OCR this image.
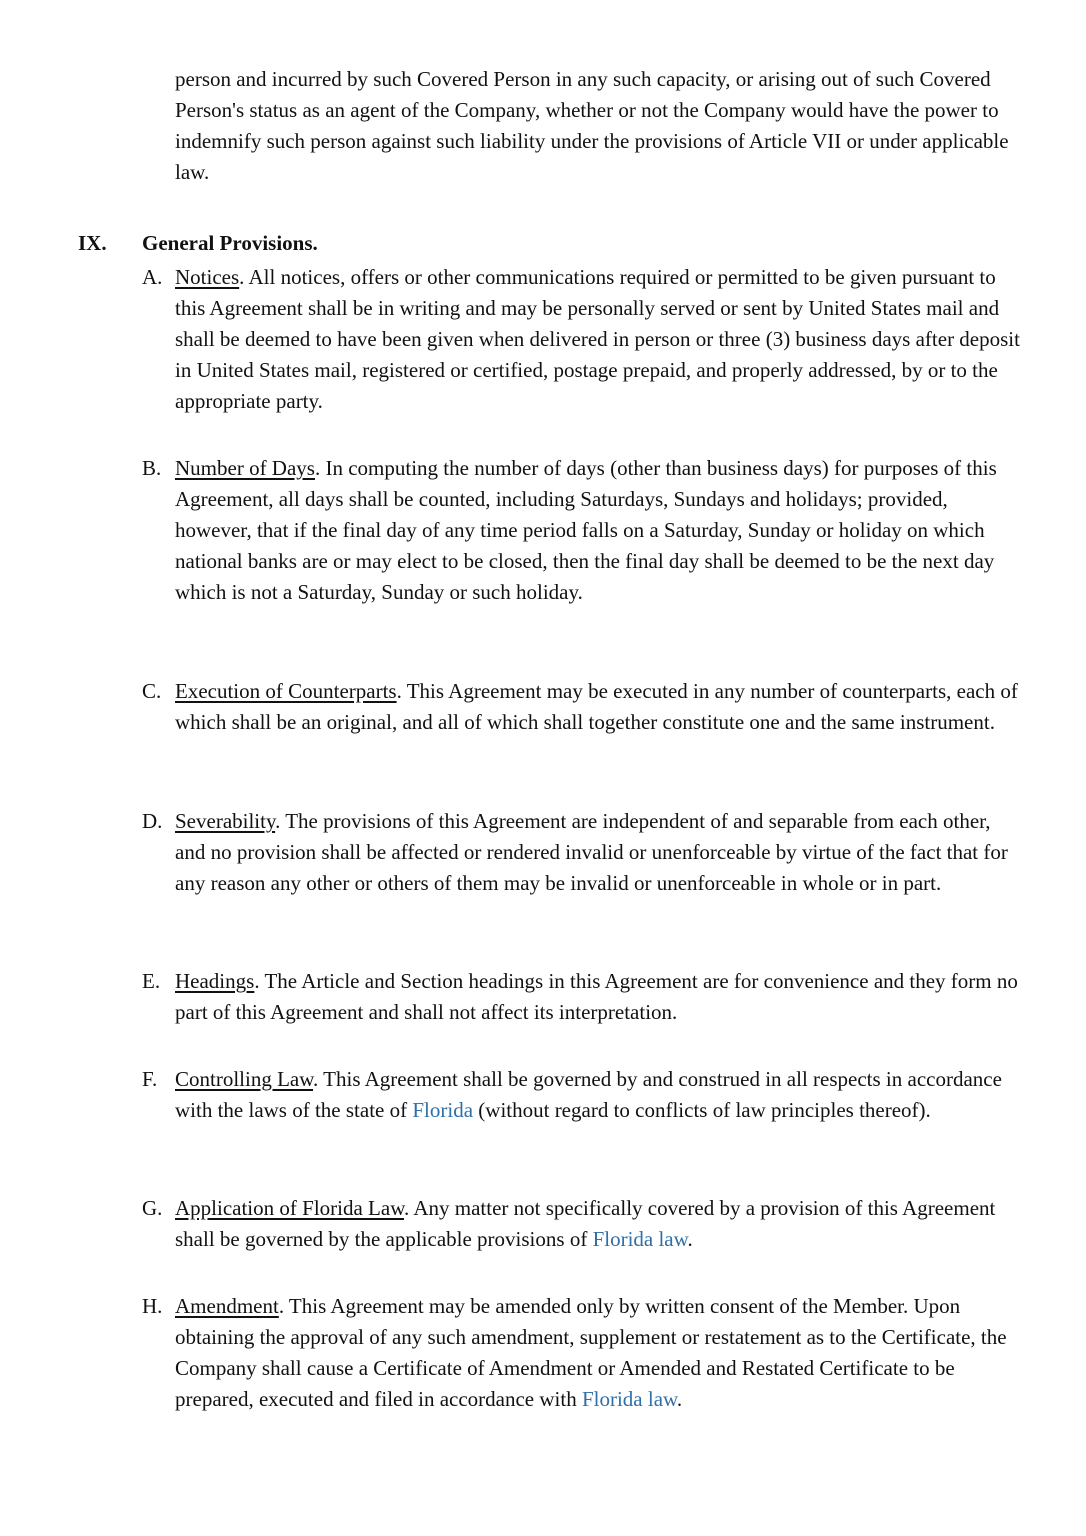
person and incurred by such Covered Person in any such capacity, or arising out of such Covered Person's status as an agent of the Company, whether or not the Company would have the power to indemnify such person against such liability under the provisions of Article VII or under applicable law.

IX. General Provisions.
A. Notices. All notices, offers or other communications required or permitted to be given pursuant to this Agreement shall be in writing and may be personally served or sent by United States mail and shall be deemed to have been given when delivered in person or three (3) business days after deposit in United States mail, registered or certified, postage prepaid, and properly addressed, by or to the appropriate party.

B. Number of Days. In computing the number of days (other than business days) for purposes of this Agreement, all days shall be counted, including Saturdays, Sundays and holidays; provided, however, that if the final day of any time period falls on a Saturday, Sunday or holiday on which national banks are or may elect to be closed, then the final day shall be deemed to be the next day which is not a Saturday, Sunday or such holiday.

C. Execution of Counterparts. This Agreement may be executed in any number of counterparts, each of which shall be an original, and all of which shall together constitute one and the same instrument.

D. Severability. The provisions of this Agreement are independent of and separable from each other, and no provision shall be affected or rendered invalid or unenforceable by virtue of the fact that for any reason any other or others of them may be invalid or unenforceable in whole or in part.

E. Headings. The Article and Section headings in this Agreement are for convenience and they form no part of this Agreement and shall not affect its interpretation.

F. Controlling Law. This Agreement shall be governed by and construed in all respects in accordance with the laws of the state of Florida (without regard to conflicts of law principles thereof).

G. Application of Florida Law. Any matter not specifically covered by a provision of this Agreement shall be governed by the applicable provisions of Florida law.

H. Amendment. This Agreement may be amended only by written consent of the Member. Upon obtaining the approval of any such amendment, supplement or restatement as to the Certificate, the Company shall cause a Certificate of Amendment or Amended and Restated Certificate to be prepared, executed and filed in accordance with Florida law.
